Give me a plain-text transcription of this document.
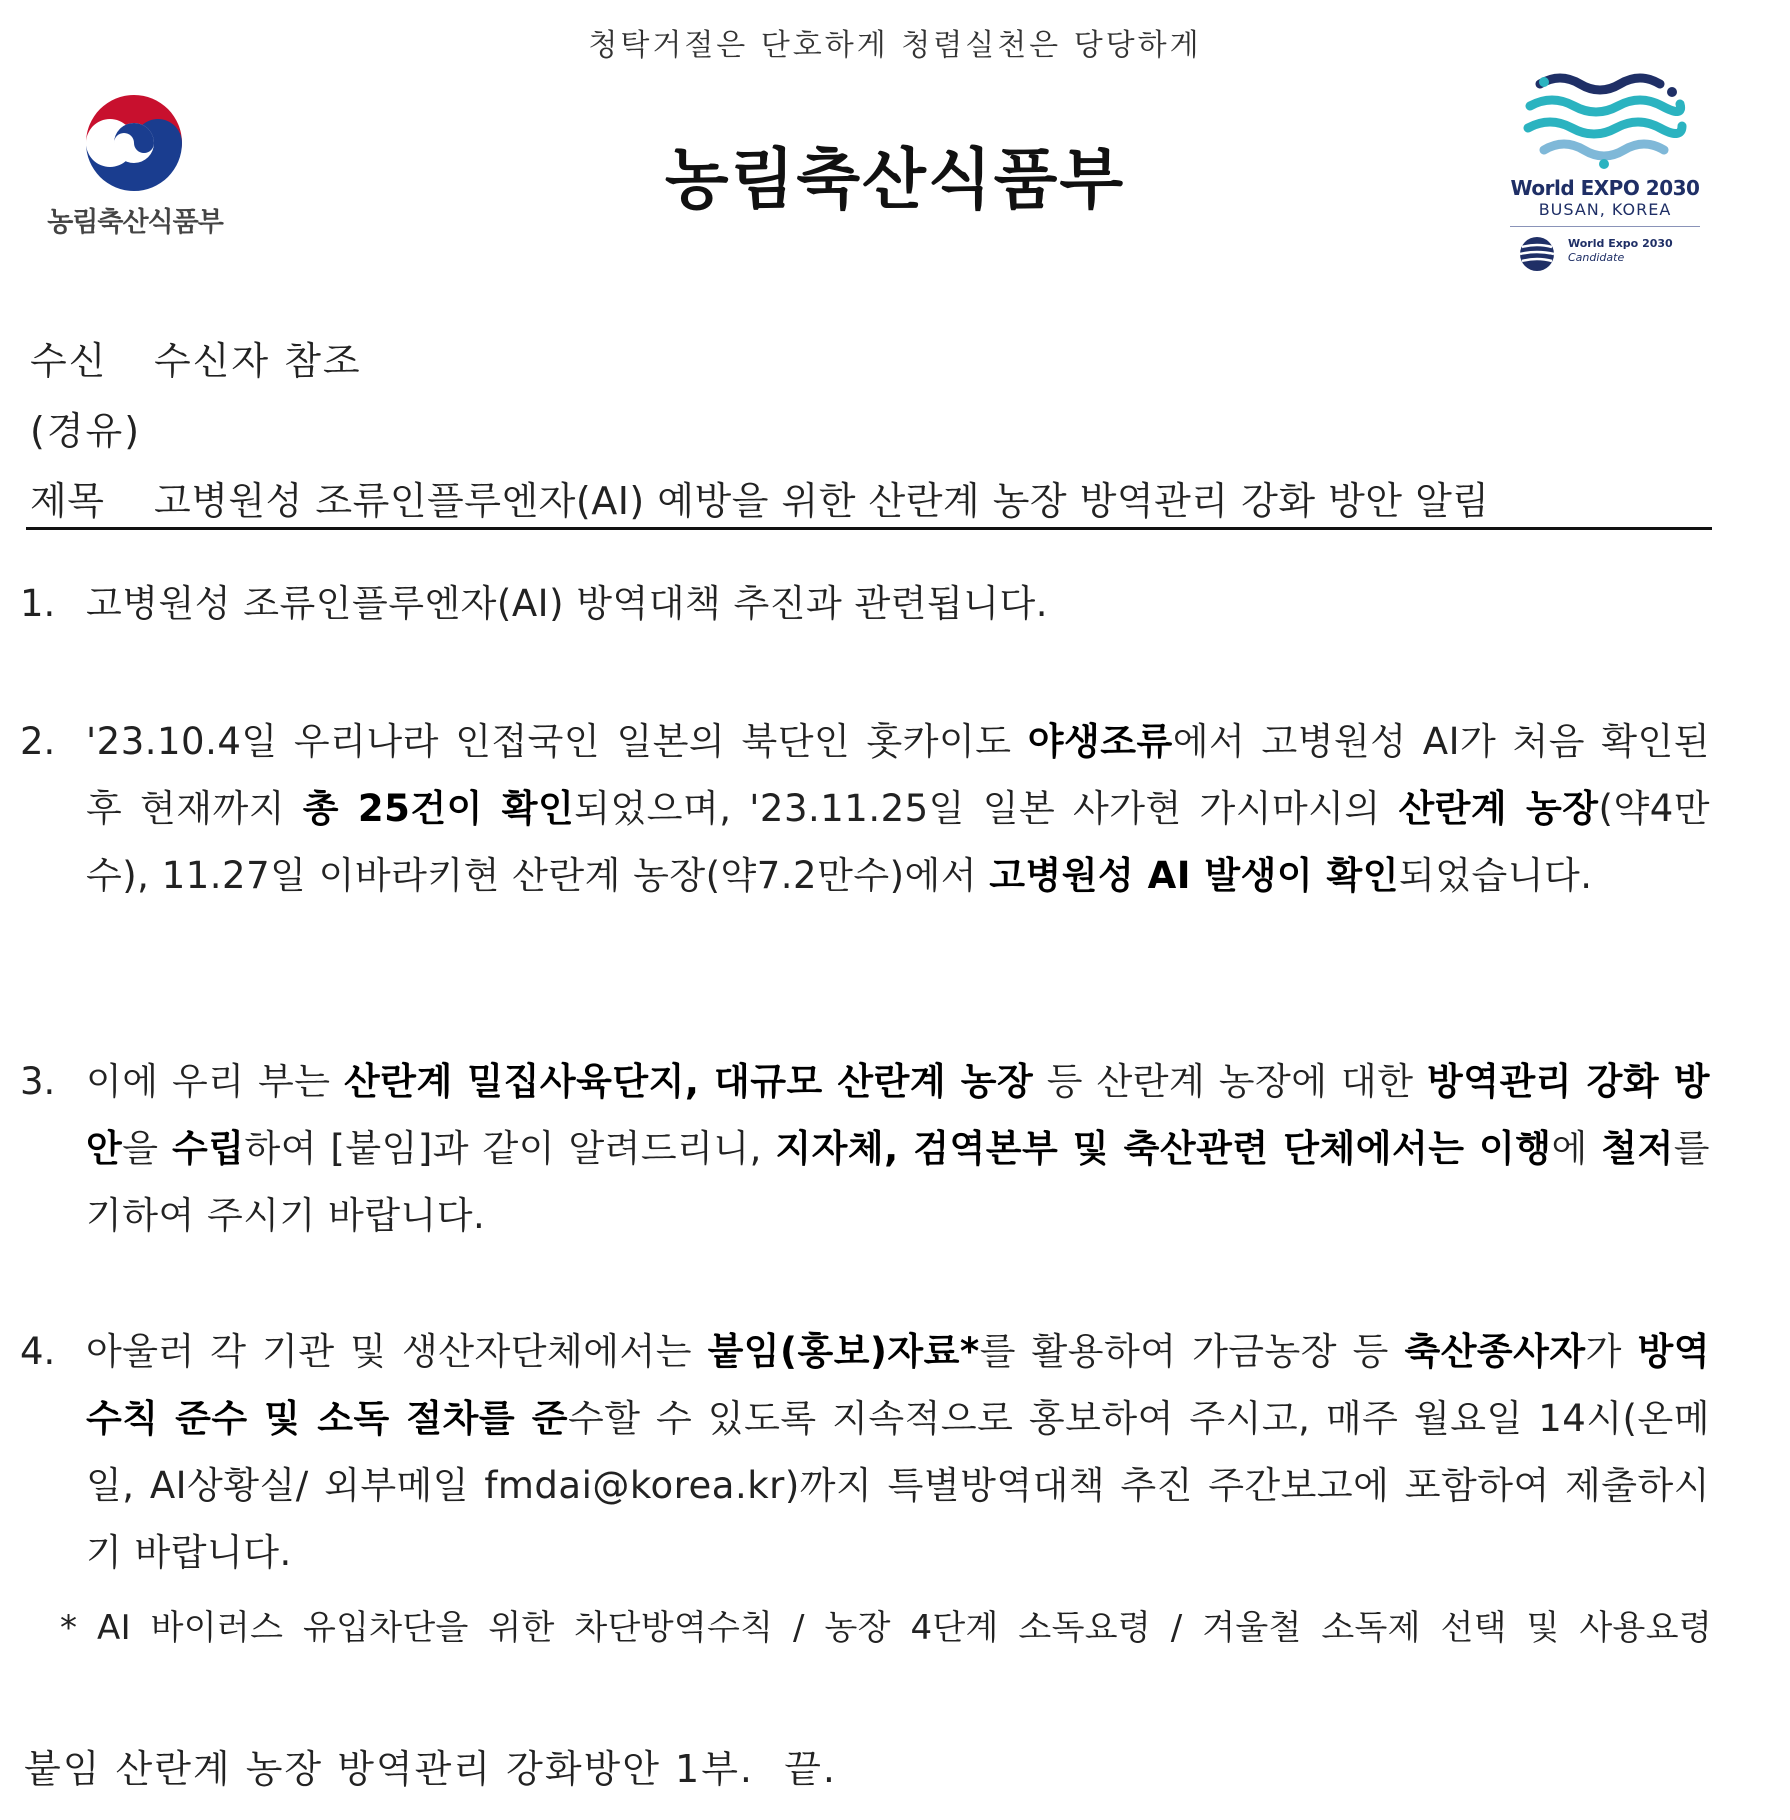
청탁거절은 단호하게 청렴실천은 당당하게
농림축산식품부
농림축산식품부	World EXPO 2030
BUSAN, KOREA
World Expo 2030
Candidate
수신 수신자 참조
(경유)
제목 고병원성 조류인플루엔자(AI) 예방을 위한 산란계 농장 방역관리 강화 방안 알림
1. 고병원성 조류인플루엔자(AI) 방역대책 추진과 관련됩니다.
2. '23.10.4일 우리나라 인접국인 일본의 북단인 홋카이도 야생조류에서 고병원성 AI가 처음 확인된 후 현재까지 총 25건이 확인되었으며, '23.11.25일 일본 사가현 가시마시의 산란계 농장(약4만수), 11.27일 이바라키현 산란계 농장(약7.2만수)에서 고병원성 AI 발생이 확인되었습니다.
3. 이에 우리 부는 산란계 밀집사육단지, 대규모 산란계 농장 등 산란계 농장에 대한 방역관리 강화 방안을 수립하여 [붙임]과 같이 알려드리니, 지자체, 검역본부 및 축산관련 단체에서는 이행에 철저를 기하여 주시기 바랍니다.
4. 아울러 각 기관 및 생산자단체에서는 붙임(홍보)자료*를 활용하여 가금농장 등 축산종사자가 방역수칙 준수 및 소독 절차를 준수할 수 있도록 지속적으로 홍보하여 주시고, 매주 월요일 14시(온메일, AI상황실/ 외부메일 fmdai@korea.kr)까지 특별방역대책 추진 주간보고에 포함하여 제출하시기 바랍니다.
* AI 바이러스 유입차단을 위한 차단방역수칙 / 농장 4단계 소독요령 / 겨울철 소독제 선택 및 사용요령
붙임 산란계 농장 방역관리 강화방안 1부. 끝.
